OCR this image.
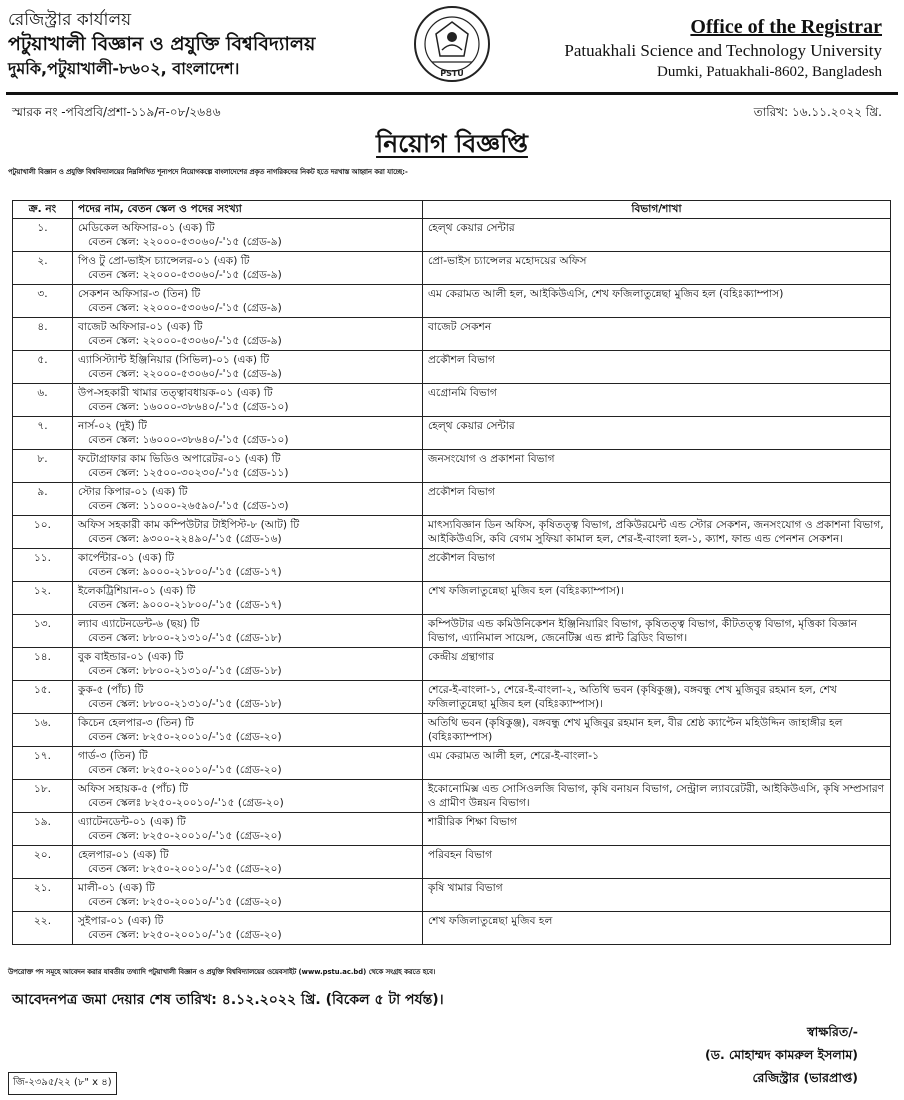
রেজিস্ট্রার কার্যালয়
পটুয়াখালী বিজ্ঞান ও প্রযুক্তি বিশ্ববিদ্যালয়
দুমকি,পটুয়াখালী-৮৬০২, বাংলাদেশ।	PSTU
Office of the Registrar
Patuakhali Science and Technology University
Dumki, Patuakhali-8602, Bangladesh
স্মারক নং -পবিপ্রবি/প্রশা-১১৯/ন-০৮/২৬৪৬	তারিখ: ১৬.১১.২০২২ খ্রি.
নিয়োগ বিজ্ঞপ্তি
পটুয়াখালী বিজ্ঞান ও প্রযুক্তি বিশ্ববিদ্যালয়ের নিম্নলিখিত শূন্যপদে নিয়োগকল্পে বাংলাদেশের প্রকৃত নাগরিকদের নিকট হতে দরখাস্ত আহ্বান করা যাচ্ছে:-
ক্র. নং	পদের নাম, বেতন স্কেল ও পদের সংখ্যা	বিভাগ/শাখা
১.	মেডিকেল অফিসার-০১ (এক) টি
বেতন স্কেল: ২২০০০-৫৩০৬০/-'১৫ (গ্রেড-৯)	হেল্থ কেয়ার সেন্টার
২.	পিও টু প্রো-ভাইস চ্যান্সেলর-০১ (এক) টি
বেতন স্কেল: ২২০০০-৫৩০৬০/-'১৫ (গ্রেড-৯)	প্রো-ভাইস চ্যান্সেলর মহোদয়ের অফিস
৩.	সেকশন অফিসার-৩ (তিন) টি
বেতন স্কেল: ২২০০০-৫৩০৬০/-'১৫ (গ্রেড-৯)	এম কেরামত আলী হল, আইকিউএসি, শেখ ফজিলাতুন্নেছা মুজিব হল (বহিঃক্যাম্পাস)
৪.	বাজেট অফিসার-০১ (এক) টি
বেতন স্কেল: ২২০০০-৫৩০৬০/-'১৫ (গ্রেড-৯)	বাজেট সেকশন
৫.	এ্যাসিস্ট্যান্ট ইঞ্জিনিয়ার (সিভিল)-০১ (এক) টি
বেতন স্কেল: ২২০০০-৫৩০৬০/-'১৫ (গ্রেড-৯)	প্রকৌশল বিভাগ
৬.	উপ-সহকারী খামার তত্ত্বাবধায়ক-০১ (এক) টি
বেতন স্কেল: ১৬০০০-৩৮৬৪০/-'১৫ (গ্রেড-১০)	এগ্রোনমি বিভাগ
৭.	নার্স-০২ (দুই) টি
বেতন স্কেল: ১৬০০০-৩৮৬৪০/-'১৫ (গ্রেড-১০)	হেল্থ কেয়ার সেন্টার
৮.	ফটোগ্রাফার কাম ভিডিও অপারেটর-০১ (এক) টি
বেতন স্কেল: ১২৫০০-৩০২৩০/-'১৫ (গ্রেড-১১)	জনসংযোগ ও প্রকাশনা বিভাগ
৯.	স্টোর কিপার-০১ (এক) টি
বেতন স্কেল: ১১০০০-২৬৫৯০/-'১৫ (গ্রেড-১৩)	প্রকৌশল বিভাগ
১০.	অফিস সহকারী কাম কম্পিউটার টাইপিস্ট-৮ (আট) টি
বেতন স্কেল: ৯৩০০-২২৪৯০/-'১৫ (গ্রেড-১৬)	মাৎস্যবিজ্ঞান ডিন অফিস, কৃষিতত্ত্ব বিভাগ, প্রকিউরমেন্ট এন্ড স্টোর সেকশন, জনসংযোগ ও প্রকাশনা বিভাগ, আইকিউএসি, কবি বেগম সুফিয়া কামাল হল, শের-ই-বাংলা হল-১, ক্যাশ, ফান্ড এন্ড পেনশন সেকশন।
১১.	কার্পেন্টার-০১ (এক) টি
বেতন স্কেল: ৯০০০-২১৮০০/-'১৫ (গ্রেড-১৭)	প্রকৌশল বিভাগ
১২.	ইলেকট্রিশিয়ান-০১ (এক) টি
বেতন স্কেল: ৯০০০-২১৮০০/-'১৫ (গ্রেড-১৭)	শেখ ফজিলাতুন্নেছা মুজিব হল (বহিঃক্যাম্পাস)।
১৩.	ল্যাব এ্যাটেনডেন্ট-৬ (ছয়) টি
বেতন স্কেল: ৮৮০০-২১৩১০/-'১৫ (গ্রেড-১৮)	কম্পিউটার এন্ড কমিউনিকেশন ইঞ্জিনিয়ারিং বিভাগ, কৃষিতত্ত্ব বিভাগ, কীটতত্ত্ব বিভাগ, মৃত্তিকা বিজ্ঞান বিভাগ, এ্যানিমাল সায়েন্স, জেনেটিক্স এন্ড প্লান্ট ব্রিডিং বিভাগ।
১৪.	বুক বাইন্ডার-০১ (এক) টি
বেতন স্কেল: ৮৮০০-২১৩১০/-'১৫ (গ্রেড-১৮)	কেন্দ্রীয় গ্রন্থাগার
১৫.	কুক-৫ (পাঁচ) টি
বেতন স্কেল: ৮৮০০-২১৩১০/-'১৫ (গ্রেড-১৮)	শেরে-ই-বাংলা-১, শেরে-ই-বাংলা-২, অতিথি ভবন (কৃষিকুঞ্জ), বঙ্গবন্ধু শেখ মুজিবুর রহমান হল, শেখ ফজিলাতুন্নেছা মুজিব হল (বহিঃক্যাম্পাস)।
১৬.	কিচেন হেলপার-৩ (তিন) টি
বেতন স্কেল: ৮২৫০-২০০১০/-'১৫ (গ্রেড-২০)	অতিথি ভবন (কৃষিকুঞ্জ), বঙ্গবন্ধু শেখ মুজিবুর রহমান হল, বীর শ্রেষ্ঠ ক্যাপ্টেন মহিউদ্দিন জাহাঙ্গীর হল (বহিঃক্যাম্পাস)
১৭.	গার্ড-৩ (তিন) টি
বেতন স্কেল: ৮২৫০-২০০১০/-'১৫ (গ্রেড-২০)	এম কেরামত আলী হল, শেরে-ই-বাংলা-১
১৮.	অফিস সহায়ক-৫ (পাঁচ) টি
বেতন স্কেলঃ ৮২৫০-২০০১০/-'১৫ (গ্রেড-২০)	ইকোনোমিক্স এন্ড সোসিওলজি বিভাগ, কৃষি বনায়ন বিভাগ, সেন্ট্রাল ল্যাবরেটরী, আইকিউএসি, কৃষি সম্প্রসারণ ও গ্রামীণ উন্নয়ন বিভাগ।
১৯.	এ্যাটেনডেন্ট-০১ (এক) টি
বেতন স্কেল: ৮২৫০-২০০১০/-'১৫ (গ্রেড-২০)	শারীরিক শিক্ষা বিভাগ
২০.	হেলপার-০১ (এক) টি
বেতন স্কেল: ৮২৫০-২০০১০/-'১৫ (গ্রেড-২০)	পরিবহন বিভাগ
২১.	মালী-০১ (এক) টি
বেতন স্কেল: ৮২৫০-২০০১০/-'১৫ (গ্রেড-২০)	কৃষি খামার বিভাগ
২২.	সুইপার-০১ (এক) টি
বেতন স্কেল: ৮২৫০-২০০১০/-'১৫ (গ্রেড-২০)	শেখ ফজিলাতুন্নেছা মুজিব হল
উপরোক্ত পদ সমূহে আবেদন করার যাবতীয় তথ্যাদি পটুয়াখালী বিজ্ঞান ও প্রযুক্তি বিশ্ববিদ্যালয়ের ওয়েবসাইট (www.pstu.ac.bd) থেকে সংগ্রহ করতে হবে।
আবেদনপত্র জমা দেয়ার শেষ তারিখ: ৪.১২.২০২২ খ্রি. (বিকেল ৫ টা পর্যন্ত)।
স্বাক্ষরিত/-
(ড. মোহাম্মদ কামরুল ইসলাম)
রেজিস্ট্রার (ভারপ্রাপ্ত)
জি-২৩৯৫/২২ (৮" x ৪)
